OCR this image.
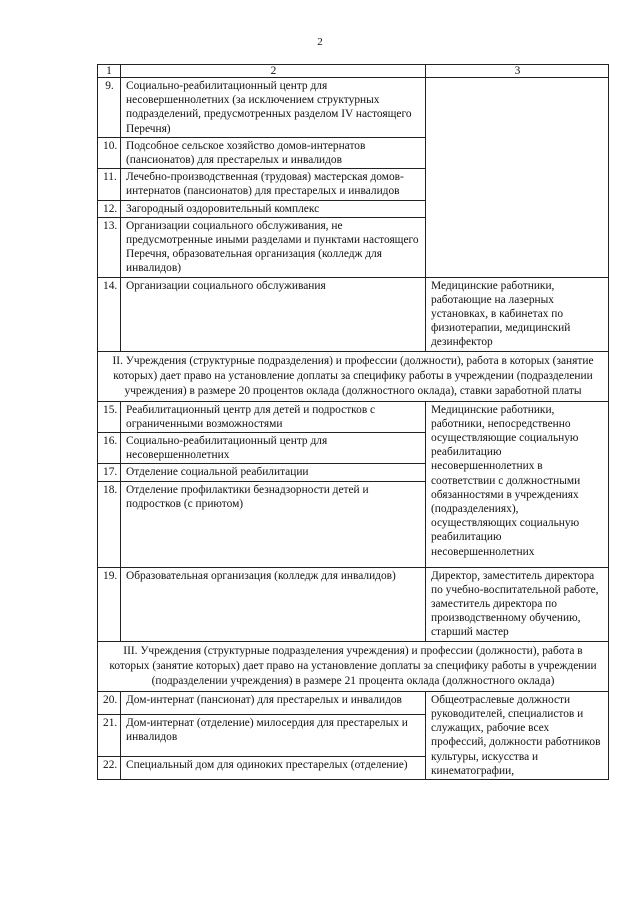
2
1	2	3
9.	Социально-реабилитационный центр для несовершеннолетних (за исключением структурных подразделений, предусмотренных разделом IV настоящего Перечня)	
10.	Подсобное сельское хозяйство домов-интернатов (пансионатов) для престарелых и инвалидов	
11.	Лечебно-производственная (трудовая) мастерская домов-интернатов (пансионатов) для престарелых и инвалидов	
12.	Загородный оздоровительный комплекс	
13.	Организации социального обслуживания, не предусмотренные иными разделами и пунктами настоящего Перечня, образовательная организация (колледж для инвалидов)	
14.	Организации социального обслуживания	Медицинские работники, работающие на лазерных установках, в кабинетах по физиотерапии, медицинский дезинфектор
II. Учреждения (структурные подразделения) и профессии (должности), работа в которых (занятие которых) дает право на установление доплаты за специфику работы в учреждении (подразделении учреждения) в размере 20 процентов оклада (должностного оклада), ставки заработной платы		
15.	Реабилитационный центр для детей и подростков с ограниченными возможностями	Медицинские работники, работники, непосредственно осуществляющие социальную реабилитацию несовершеннолетних в соответствии с должностными обязанностями в учреждениях (подразделениях), осуществляющих социальную реабилитацию несовершеннолетних
16.	Социально-реабилитационный центр для несовершеннолетних	
17.	Отделение социальной реабилитации	
18.	Отделение профилактики безнадзорности детей и подростков (с приютом)	
19.	Образовательная организация (колледж для инвалидов)	Директор, заместитель директора по учебно-воспитательной работе, заместитель директора по производственному обучению, старший мастер
III. Учреждения (структурные подразделения учреждения) и профессии (должности), работа в которых (занятие которых) дает право на установление доплаты за специфику работы в учреждении (подразделении учреждения) в размере 21 процента оклада (должностного оклада)		
20.	Дом-интернат (пансионат) для престарелых и инвалидов	Общеотраслевые должности руководителей, специалистов и служащих, рабочие всех профессий, должности работников культуры, искусства и кинематографии,
21.	Дом-интернат (отделение) милосердия для престарелых и инвалидов	
22.	Специальный дом для одиноких престарелых (отделение)	
